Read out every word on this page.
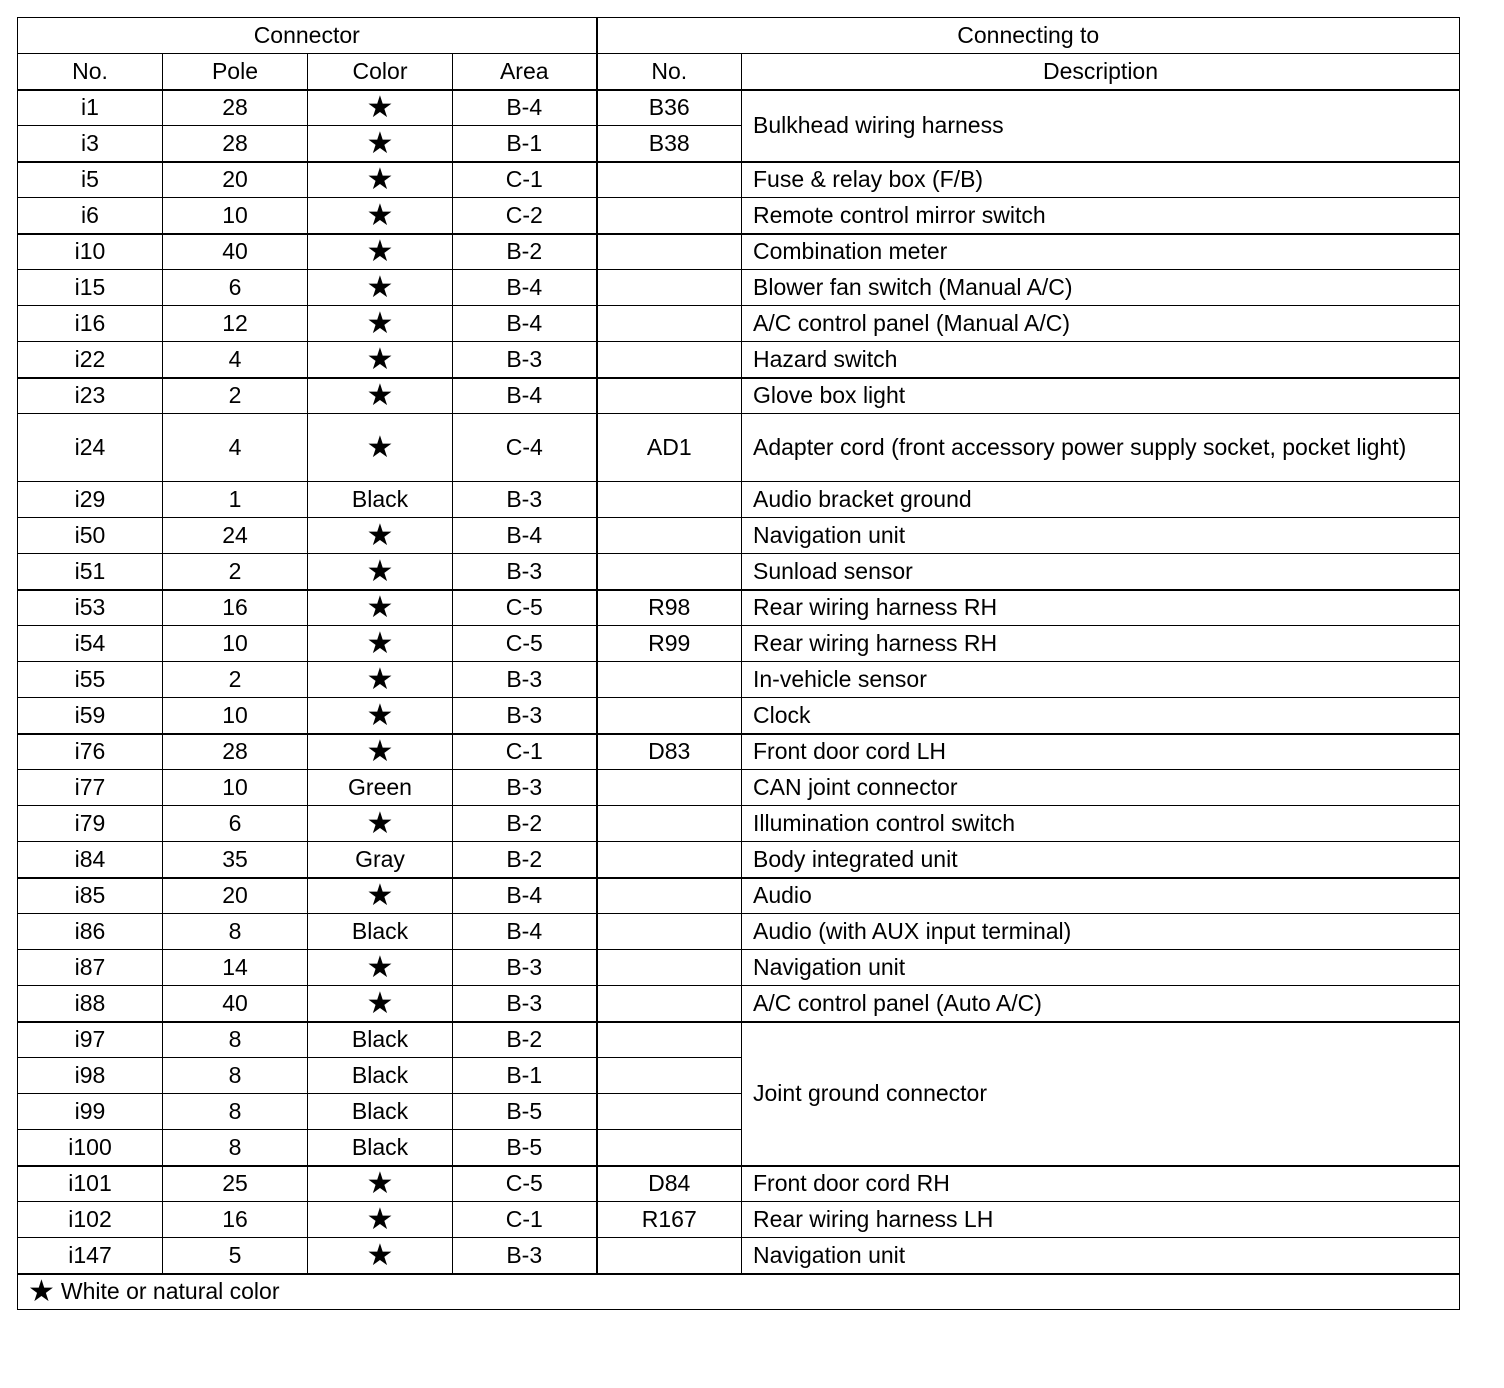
Connector				Connecting to	
No.	Pole	Color	Area	No.	Description
i1	28	★	B-4	B36	Bulkhead wiring harness
i3	28	★	B-1	B38	
i5	20	★	C-1		Fuse & relay box (F/B)
i6	10	★	C-2		Remote control mirror switch
i10	40	★	B-2		Combination meter
i15	6	★	B-4		Blower fan switch (Manual A/C)
i16	12	★	B-4		A/C control panel (Manual A/C)
i22	4	★	B-3		Hazard switch
i23	2	★	B-4		Glove box light
i24	4	★	C-4	AD1	Adapter cord (front accessory power supply socket, pocket light)
i29	1	Black	B-3		Audio bracket ground
i50	24	★	B-4		Navigation unit
i51	2	★	B-3		Sunload sensor
i53	16	★	C-5	R98	Rear wiring harness RH
i54	10	★	C-5	R99	Rear wiring harness RH
i55	2	★	B-3		In-vehicle sensor
i59	10	★	B-3		Clock
i76	28	★	C-1	D83	Front door cord LH
i77	10	Green	B-3		CAN joint connector
i79	6	★	B-2		Illumination control switch
i84	35	Gray	B-2		Body integrated unit
i85	20	★	B-4		Audio
i86	8	Black	B-4		Audio (with AUX input terminal)
i87	14	★	B-3		Navigation unit
i88	40	★	B-3		A/C control panel (Auto A/C)
i97	8	Black	B-2		Joint ground connector
i98	8	Black	B-1		
i99	8	Black	B-5		
i100	8	Black	B-5		
i101	25	★	C-5	D84	Front door cord RH
i102	16	★	C-1	R167	Rear wiring harness LH
i147	5	★	B-3		Navigation unit
★ White or natural color					
